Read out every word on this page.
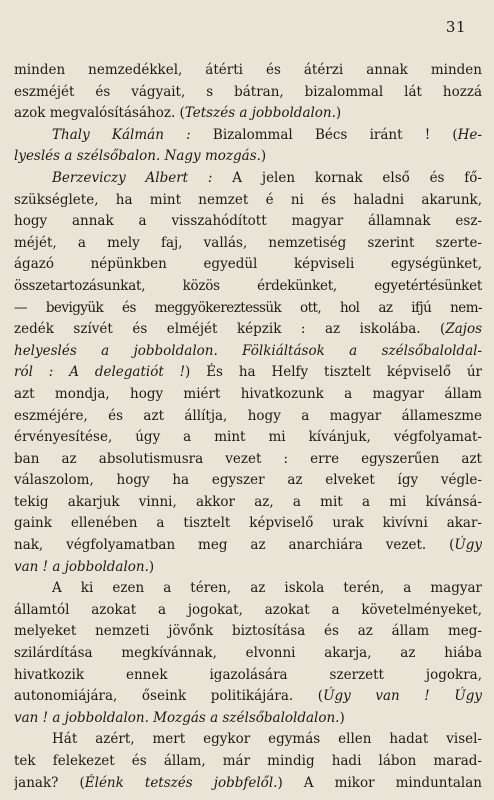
31
minden nemzedékkel, átérti és átérzi annak minden
eszméjét és vágyait, s bátran, bizalommal lát hozzá
azok megvalósításához. (Tetszés a jobboldalon.)
Thaly Kálmán : Bizalommal Bécs iránt ! (He-
lyeslés a szélsőbalon. Nagy mozgás.)
Berzeviczy Albert : A jelen kornak első és fő-
szükséglete, ha mint nemzet é ni és haladni akarunk,
hogy annak a visszahódított magyar államnak esz-
méjét, a mely faj, vallás, nemzetiség szerint szerte-
ágazó népünkben egyedül képviseli egységünket,
összetartozásunkat, közös érdekünket, egyetértésünket
— bevigyük és meggyökereztessük ott, hol az ifjú nem-
zedék szívét és elméjét képzik : az iskolába. (Zajos
helyeslés a jobboldalon. Fölkiáltások a szélsőbaloldal-
ról : A delegatiót !) És ha Helfy tisztelt képviselő úr
azt mondja, hogy miért hivatkozunk a magyar állam
eszméjére, és azt állítja, hogy a magyar állameszme
érvényesítése, úgy a mint mi kívánjuk, végfolyamat-
ban az absolutismusra vezet : erre egyszerűen azt
válaszolom, hogy ha egyszer az elveket így végle-
tekig akarjuk vinni, akkor az, a mit a mi kívánsá-
gaink ellenében a tisztelt képviselő urak kivívni akar-
nak, végfolyamatban meg az anarchiára vezet. (Úgy
van ! a jobboldalon.)
A ki ezen a téren, az iskola terén, a magyar
államtól azokat a jogokat, azokat a követelményeket,
melyeket nemzeti jövőnk biztosítása és az állam meg-
szilárdítása megkívánnak, elvonni akarja, az hiába
hivatkozik ennek igazolására szerzett jogokra,
autonomiájára, őseink politikájára. (Úgy van ! Úgy
van ! a jobboldalon. Mozgás a szélsőbaloldalon.)
Hát azért, mert egykor egymás ellen hadat visel-
tek felekezet és állam, már mindig hadi lábon marad-
janak? (Élénk tetszés jobbfelől.) A mikor minduntalan
